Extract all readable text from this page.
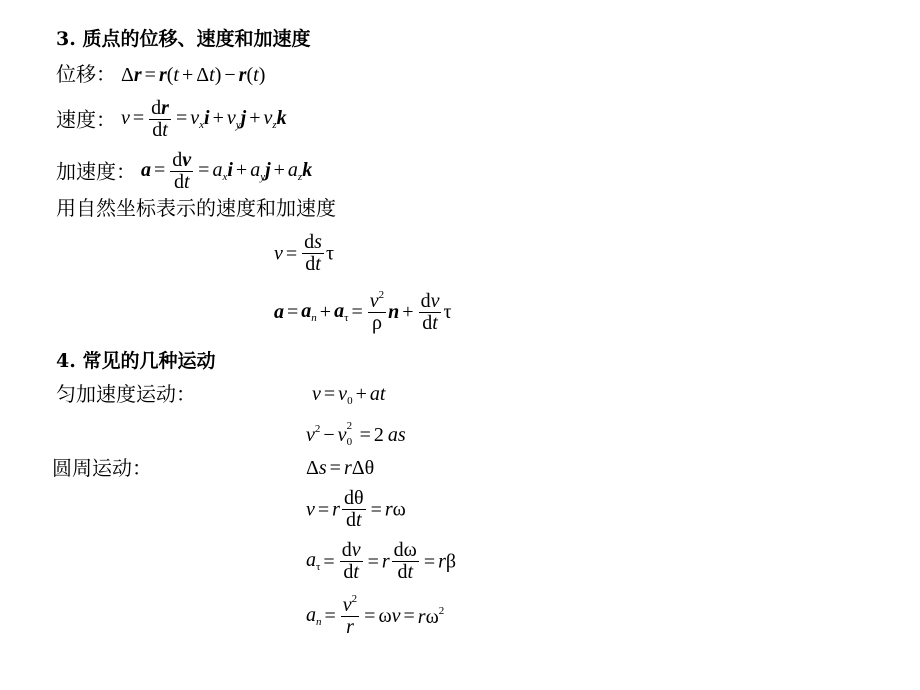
3. 质点的位移、速度和加速度
位移： Δr = r(t + Δt) − r(t)
速度： $v = \frac{dr}{dt} = v_xi + v_yj + v_zk$
加速度： $a = \frac{dv}{dt} = a_xi + a_yj + a_zk$
用自然坐标表示的速度和加速度
$v = \frac{ds}{dt}$ τ
$a = a_n + a_\tau = \frac{v^2}{\rho}$ $n + \frac{dv}{dt}$ τ
4. 常见的几种运动
匀加速度运动：	$v = v_0$ + at
$v^2 - v$ 2
0 = 2 as
圆周运动：	Δs = rΔθ
v = r $\frac{d\theta}{dt} = r\omega$
$a_\tau = \frac{dv}{dt} = r \frac{d\omega}{dt} = r\beta$
$a_n = \frac{v^2}{r} = \omega v = r\omega^2$
